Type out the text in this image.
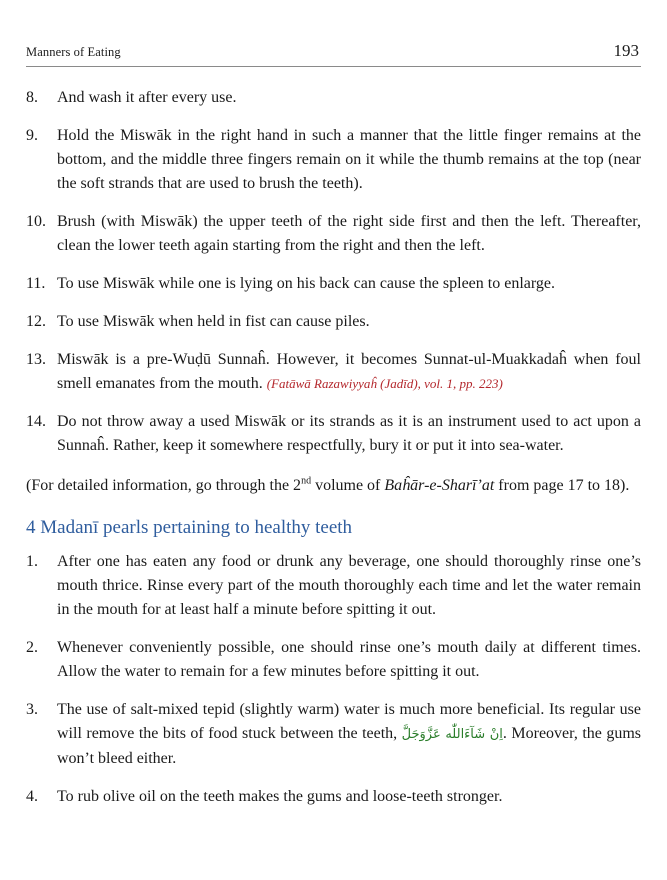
Manners of Eating	193
8.	And wash it after every use.
9.	Hold the Miswāk in the right hand in such a manner that the little finger remains at the bottom, and the middle three fingers remain on it while the thumb remains at the top (near the soft strands that are used to brush the teeth).
10. Brush (with Miswāk) the upper teeth of the right side first and then the left. Thereafter, clean the lower teeth again starting from the right and then the left.
11. To use Miswāk while one is lying on his back can cause the spleen to enlarge.
12. To use Miswāk when held in fist can cause piles.
13. Miswāk is a pre-Wuḍū Sunnaĥ. However, it becomes Sunnat-ul-Muakkadaĥ when foul smell emanates from the mouth. (Fatāwā Razawiyyaĥ (Jadīd), vol. 1, pp. 223)
14. Do not throw away a used Miswāk or its strands as it is an instrument used to act upon a Sunnaĥ. Rather, keep it somewhere respectfully, bury it or put it into sea-water.

(For detailed information, go through the 2nd volume of Baĥār-e-Sharī’at from page 17 to 18).

4 Madanī pearls pertaining to healthy teeth
1.	After one has eaten any food or drunk any beverage, one should thoroughly rinse one’s mouth thrice. Rinse every part of the mouth thoroughly each time and let the water remain in the mouth for at least half a minute before spitting it out.
2.	Whenever conveniently possible, one should rinse one’s mouth daily at different times. Allow the water to remain for a few minutes before spitting it out.
3.	The use of salt-mixed tepid (slightly warm) water is much more beneficial. Its regular use will remove the bits of food stuck between the teeth, اِنْ شَآءَاللّٰه عَزَّوَجَلَّ. Moreover, the gums won’t bleed either.
4.	To rub olive oil on the teeth makes the gums and loose-teeth stronger.
